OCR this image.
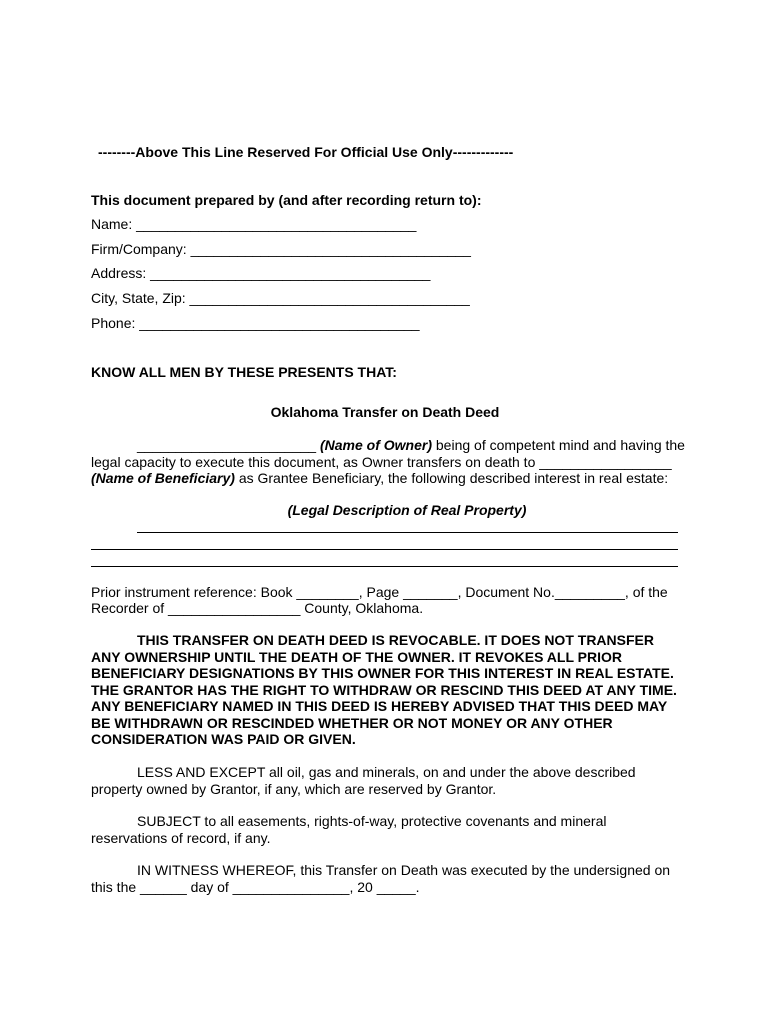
--------Above This Line Reserved For Official Use Only-------------
This document prepared by (and after recording return to):
Name: ____________________________________
Firm/Company: ____________________________________
Address: ____________________________________
City, State, Zip: ____________________________________
Phone: ____________________________________
KNOW ALL MEN BY THESE PRESENTS THAT:
Oklahoma Transfer on Death Deed
_______________________ (Name of Owner) being of competent mind and having the
legal capacity to execute this document, as Owner transfers on death to _________________
(Name of Beneficiary) as Grantee Beneficiary, the following described interest in real estate:
(Legal Description of Real Property)
Prior instrument reference: Book ________, Page _______, Document No._________, of the
Recorder of _________________ County, Oklahoma.
THIS TRANSFER ON DEATH DEED IS REVOCABLE. IT DOES NOT TRANSFER ANY OWNERSHIP UNTIL THE DEATH OF THE OWNER. IT REVOKES ALL PRIOR BENEFICIARY DESIGNATIONS BY THIS OWNER FOR THIS INTEREST IN REAL ESTATE. THE GRANTOR HAS THE RIGHT TO WITHDRAW OR RESCIND THIS DEED AT ANY TIME. ANY BENEFICIARY NAMED IN THIS DEED IS HEREBY ADVISED THAT THIS DEED MAY BE WITHDRAWN OR RESCINDED WHETHER OR NOT MONEY OR ANY OTHER CONSIDERATION WAS PAID OR GIVEN.
LESS AND EXCEPT all oil, gas and minerals, on and under the above described property owned by Grantor, if any, which are reserved by Grantor.
SUBJECT to all easements, rights-of-way, protective covenants and mineral reservations of record, if any.
IN WITNESS WHEREOF, this Transfer on Death was executed by the undersigned on this the ______ day of _______________, 20 _____.
